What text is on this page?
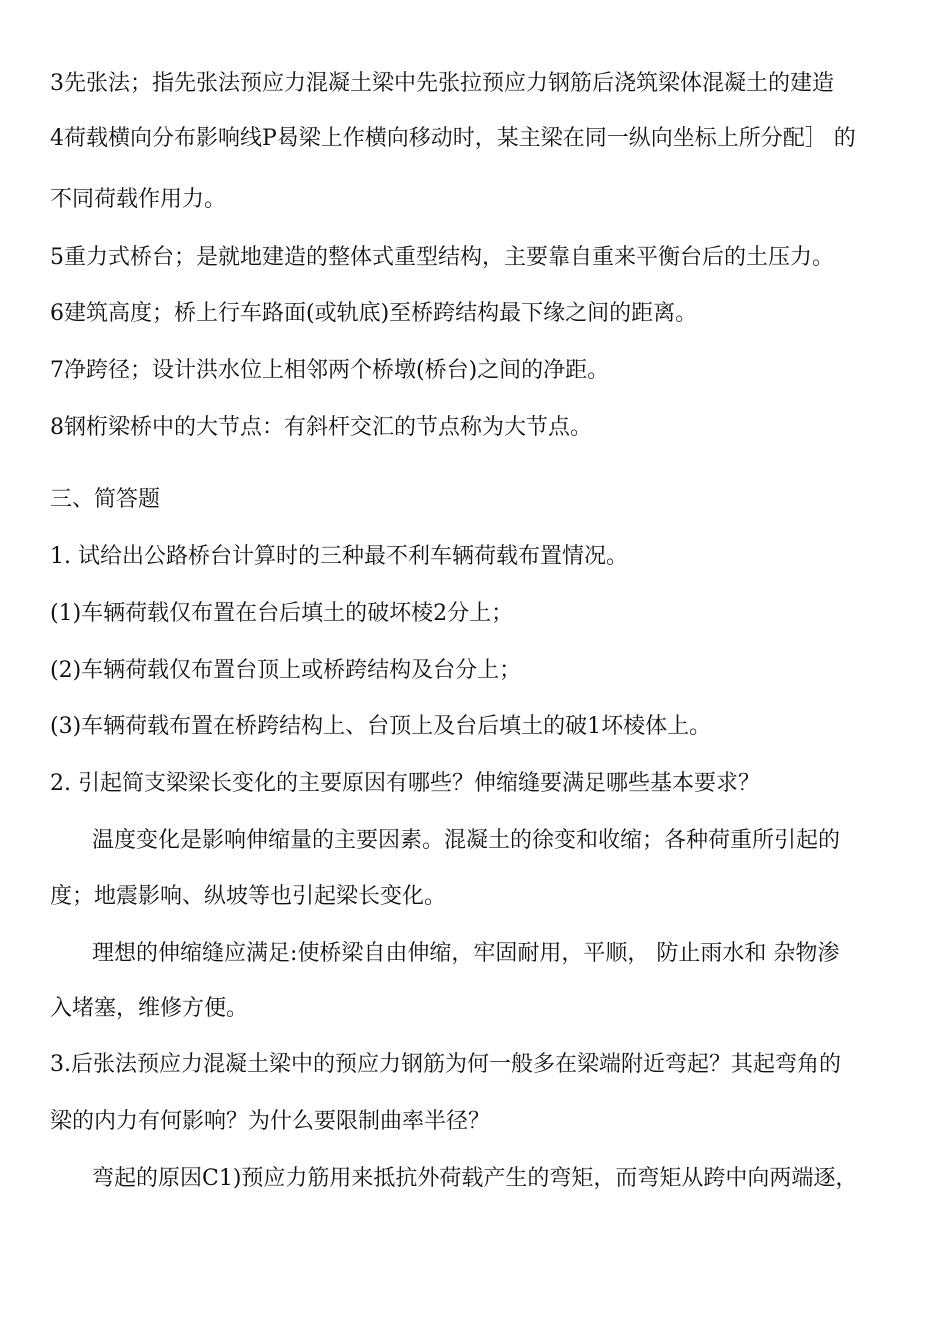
3先张法；指先张法预应力混凝土梁中先张拉预应力钢筋后浇筑梁体混凝土的建造
4荷载横向分布影响线P曷梁上作横向移动时，某主梁在同一纵向坐标上所分配］ 的
不同荷载作用力。
5重力式桥台；是就地建造的整体式重型结构，主要靠自重来平衡台后的土压力。
6建筑高度；桥上行车路面(或轨底)至桥跨结构最下缘之间的距离。
7净跨径；设计洪水位上相邻两个桥墩(桥台)之间的净距。
8钢桁梁桥中的大节点：有斜杆交汇的节点称为大节点。
三、简答题
1. 试给出公路桥台计算时的三种最不利车辆荷载布置情况。
(1)车辆荷载仅布置在台后填土的破坏棱2分上；
(2)车辆荷载仅布置台顶上或桥跨结构及台分上；
(3)车辆荷载布置在桥跨结构上、台顶上及台后填土的破1坏棱体上。
2. 引起简支梁梁长变化的主要原因有哪些？伸缩缝要满足哪些基本要求？
温度变化是影响伸缩量的主要因素。混凝土的徐变和收缩；各种荷重所引起的
度；地震影响、纵坡等也引起梁长变化。
理想的伸缩缝应满足:使桥梁自由伸缩，牢固耐用，平顺， 防止雨水和 杂物渗
入堵塞，维修方便。
3.后张法预应力混凝土梁中的预应力钢筋为何一般多在梁端附近弯起？其起弯角的
梁的内力有何影响？为什么要限制曲率半径？
弯起的原因C1)预应力筋用来抵抗外荷载产生的弯矩，而弯矩从跨中向两端逐，
